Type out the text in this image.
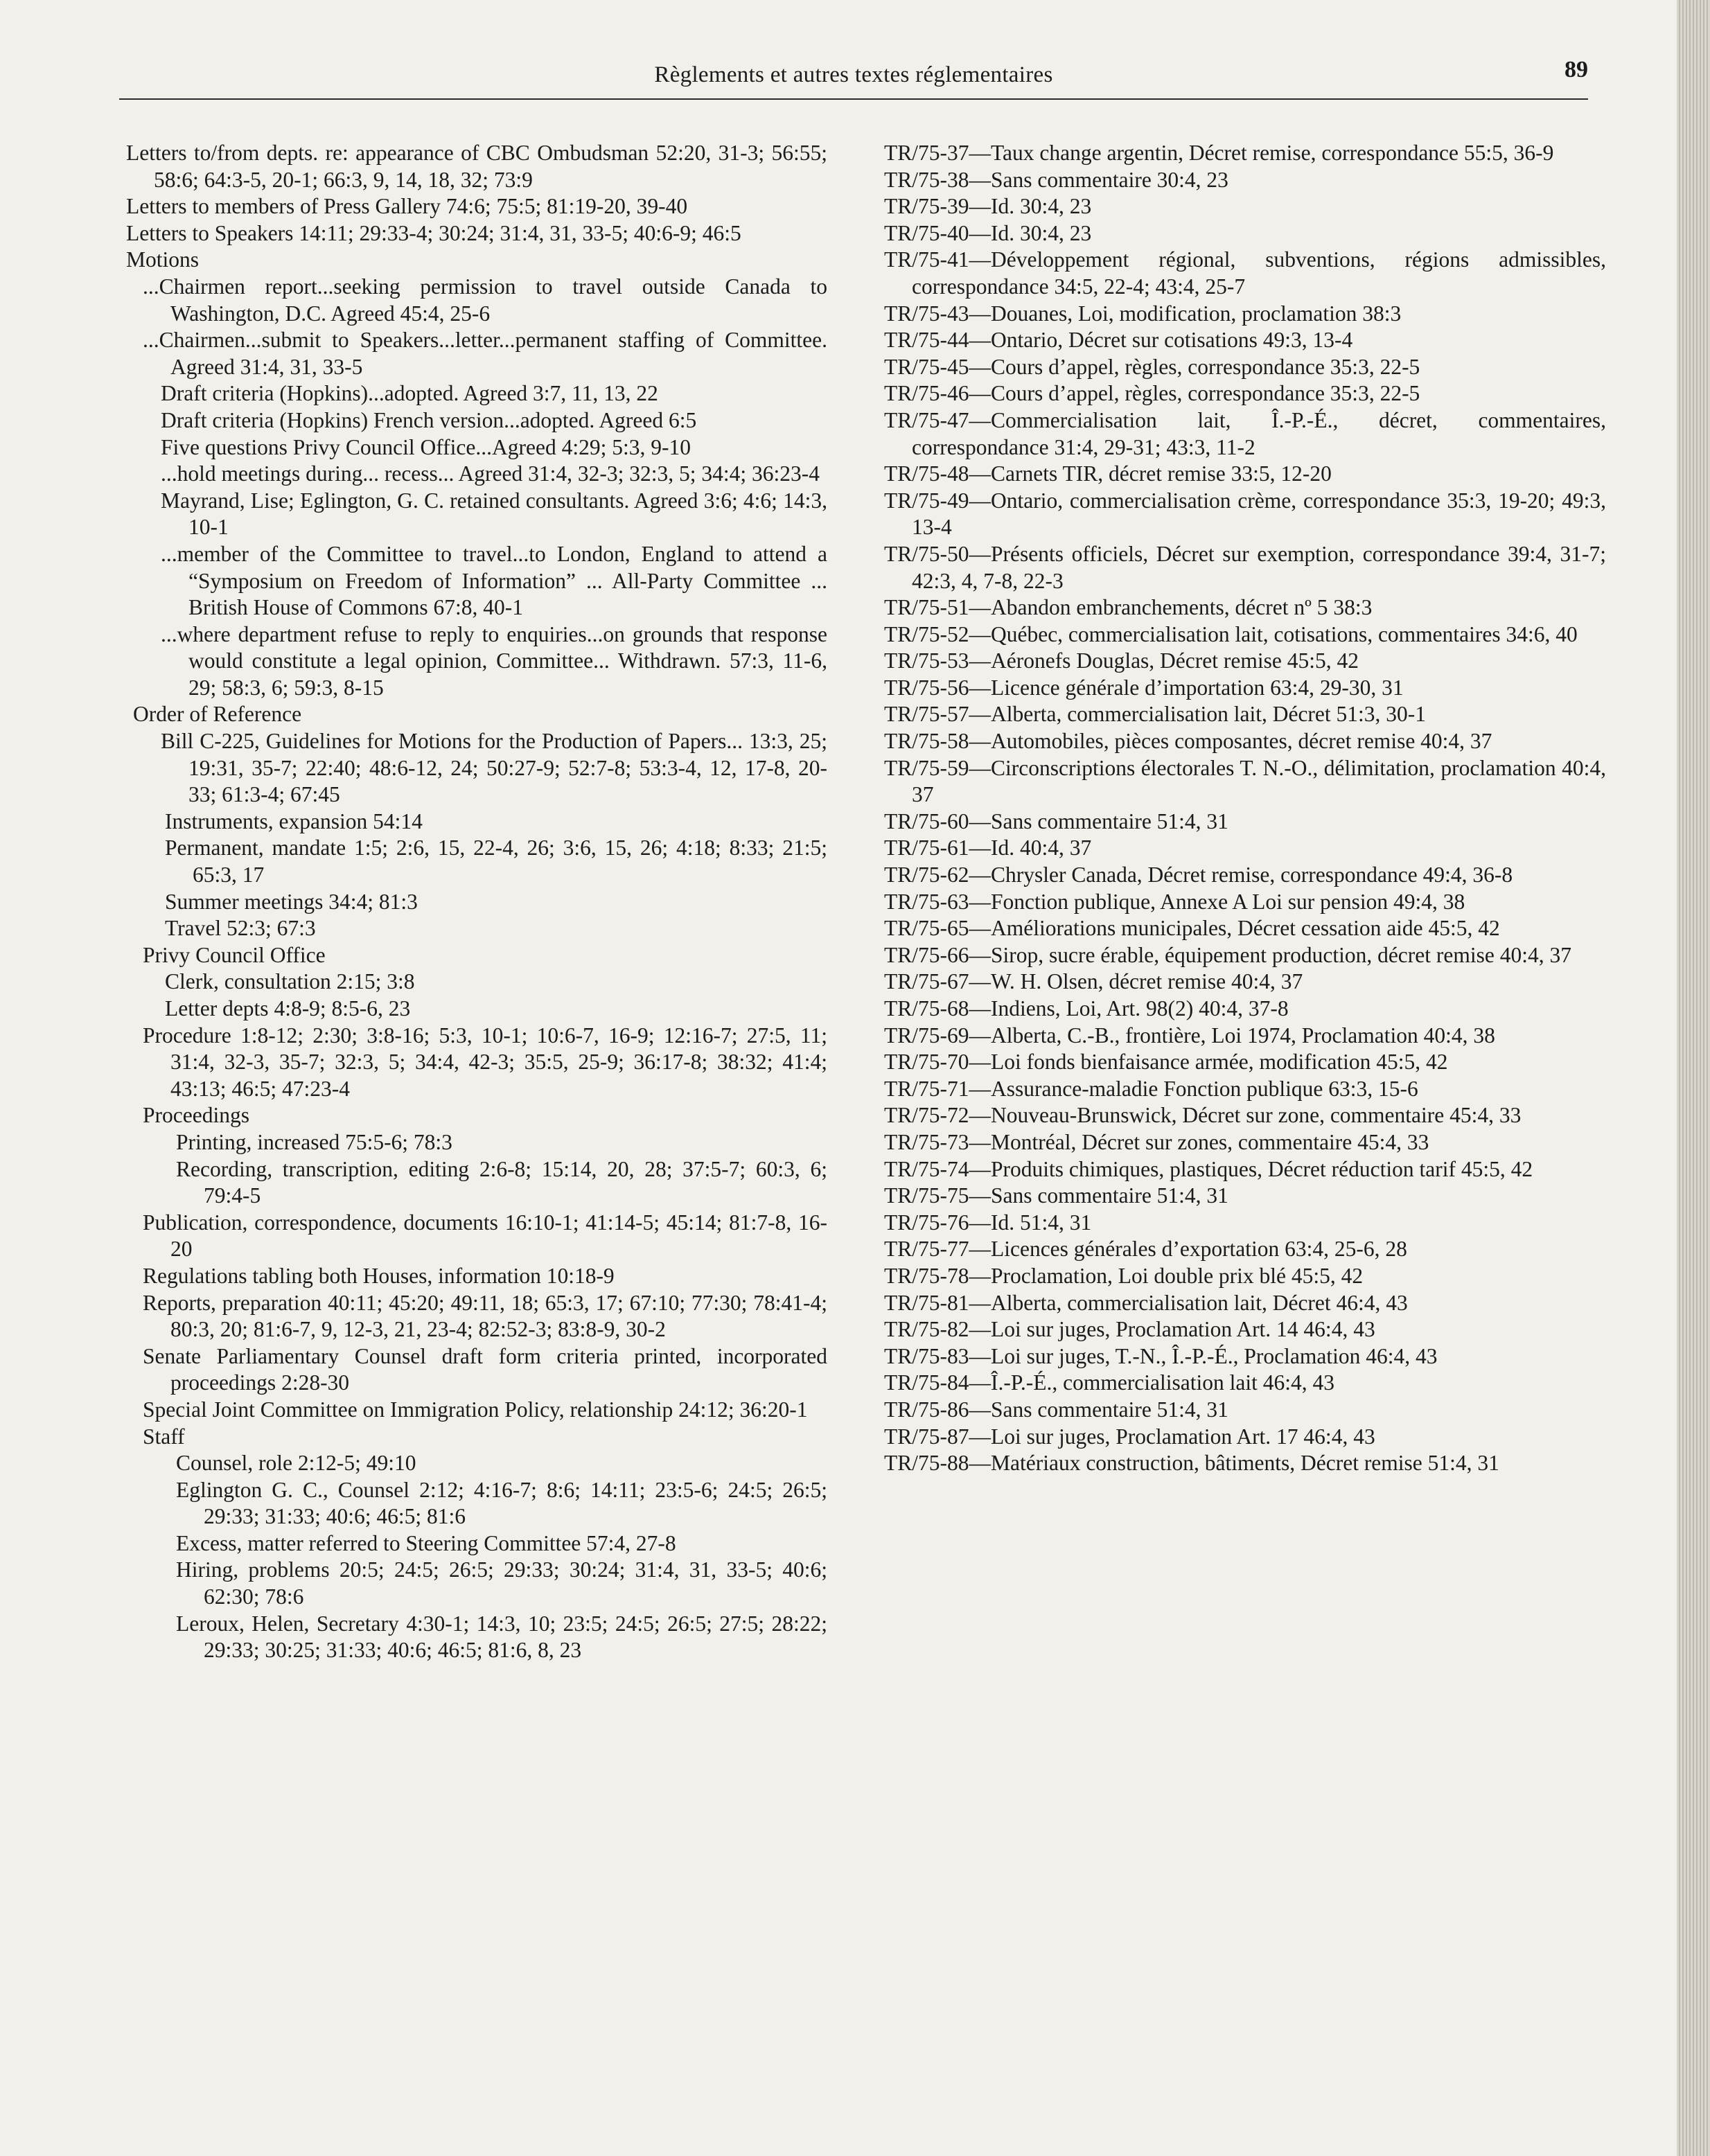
Règlements et autres textes réglementaires	89
Letters to/from depts. re: appearance of CBC Ombudsman 52:20, 31-3; 56:55; 58:6; 64:3-5, 20-1; 66:3, 9, 14, 18, 32; 73:9
Letters to members of Press Gallery 74:6; 75:5; 81:19-20, 39-40
Letters to Speakers 14:11; 29:33-4; 30:24; 31:4, 31, 33-5; 40:6-9; 46:5
Motions
...Chairmen report...seeking permission to travel outside Canada to Washington, D.C. Agreed 45:4, 25-6
...Chairmen...submit to Speakers...letter...permanent staffing of Committee. Agreed 31:4, 31, 33-5
Draft criteria (Hopkins)...adopted. Agreed 3:7, 11, 13, 22
Draft criteria (Hopkins) French version...adopted. Agreed 6:5
Five questions Privy Council Office...Agreed 4:29; 5:3, 9-10
...hold meetings during... recess... Agreed 31:4, 32-3; 32:3, 5; 34:4; 36:23-4
Mayrand, Lise; Eglington, G. C. retained consultants. Agreed 3:6; 4:6; 14:3, 10-1
...member of the Committee to travel...to London, England to attend a “Symposium on Freedom of Information” ... All-Party Committee ... British House of Commons 67:8, 40-1
...where department refuse to reply to enquiries...on grounds that response would constitute a legal opinion, Committee... Withdrawn. 57:3, 11-6, 29; 58:3, 6; 59:3, 8-15
Order of Reference
Bill C-225, Guidelines for Motions for the Production of Papers... 13:3, 25; 19:31, 35-7; 22:40; 48:6-12, 24; 50:27-9; 52:7-8; 53:3-4, 12, 17-8, 20-33; 61:3-4; 67:45
Instruments, expansion 54:14
Permanent, mandate 1:5; 2:6, 15, 22-4, 26; 3:6, 15, 26; 4:18; 8:33; 21:5; 65:3, 17
Summer meetings 34:4; 81:3
Travel 52:3; 67:3
Privy Council Office
Clerk, consultation 2:15; 3:8
Letter depts 4:8-9; 8:5-6, 23
Procedure 1:8-12; 2:30; 3:8-16; 5:3, 10-1; 10:6-7, 16-9; 12:16-7; 27:5, 11; 31:4, 32-3, 35-7; 32:3, 5; 34:4, 42-3; 35:5, 25-9; 36:17-8; 38:32; 41:4; 43:13; 46:5; 47:23-4
Proceedings
Printing, increased 75:5-6; 78:3
Recording, transcription, editing 2:6-8; 15:14, 20, 28; 37:5-7; 60:3, 6; 79:4-5
Publication, correspondence, documents 16:10-1; 41:14-5; 45:14; 81:7-8, 16-20
Regulations tabling both Houses, information 10:18-9
Reports, preparation 40:11; 45:20; 49:11, 18; 65:3, 17; 67:10; 77:30; 78:41-4; 80:3, 20; 81:6-7, 9, 12-3, 21, 23-4; 82:52-3; 83:8-9, 30-2
Senate Parliamentary Counsel draft form criteria printed, incorporated proceedings 2:28-30
Special Joint Committee on Immigration Policy, relationship 24:12; 36:20-1
Staff
Counsel, role 2:12-5; 49:10
Eglington G. C., Counsel 2:12; 4:16-7; 8:6; 14:11; 23:5-6; 24:5; 26:5; 29:33; 31:33; 40:6; 46:5; 81:6
Excess, matter referred to Steering Committee 57:4, 27-8
Hiring, problems 20:5; 24:5; 26:5; 29:33; 30:24; 31:4, 31, 33-5; 40:6; 62:30; 78:6
Leroux, Helen, Secretary 4:30-1; 14:3, 10; 23:5; 24:5; 26:5; 27:5; 28:22; 29:33; 30:25; 31:33; 40:6; 46:5; 81:6, 8, 23
TR/75-37—Taux change argentin, Décret remise, correspondance 55:5, 36-9
TR/75-38—Sans commentaire 30:4, 23
TR/75-39—Id. 30:4, 23
TR/75-40—Id. 30:4, 23
TR/75-41—Développement régional, subventions, régions admissibles, correspondance 34:5, 22-4; 43:4, 25-7
TR/75-43—Douanes, Loi, modification, proclamation 38:3
TR/75-44—Ontario, Décret sur cotisations 49:3, 13-4
TR/75-45—Cours d’appel, règles, correspondance 35:3, 22-5
TR/75-46—Cours d’appel, règles, correspondance 35:3, 22-5
TR/75-47—Commercialisation lait, Î.-P.-É., décret, commentaires, correspondance 31:4, 29-31; 43:3, 11-2
TR/75-48—Carnets TIR, décret remise 33:5, 12-20
TR/75-49—Ontario, commercialisation crème, correspondance 35:3, 19-20; 49:3, 13-4
TR/75-50—Présents officiels, Décret sur exemption, correspondance 39:4, 31-7; 42:3, 4, 7-8, 22-3
TR/75-51—Abandon embranchements, décret nº 5 38:3
TR/75-52—Québec, commercialisation lait, cotisations, commentaires 34:6, 40
TR/75-53—Aéronefs Douglas, Décret remise 45:5, 42
TR/75-56—Licence générale d’importation 63:4, 29-30, 31
TR/75-57—Alberta, commercialisation lait, Décret 51:3, 30-1
TR/75-58—Automobiles, pièces composantes, décret remise 40:4, 37
TR/75-59—Circonscriptions électorales T. N.-O., délimitation, proclamation 40:4, 37
TR/75-60—Sans commentaire 51:4, 31
TR/75-61—Id. 40:4, 37
TR/75-62—Chrysler Canada, Décret remise, correspondance 49:4, 36-8
TR/75-63—Fonction publique, Annexe A Loi sur pension 49:4, 38
TR/75-65—Améliorations municipales, Décret cessation aide 45:5, 42
TR/75-66—Sirop, sucre érable, équipement production, décret remise 40:4, 37
TR/75-67—W. H. Olsen, décret remise 40:4, 37
TR/75-68—Indiens, Loi, Art. 98(2) 40:4, 37-8
TR/75-69—Alberta, C.-B., frontière, Loi 1974, Proclamation 40:4, 38
TR/75-70—Loi fonds bienfaisance armée, modification 45:5, 42
TR/75-71—Assurance-maladie Fonction publique 63:3, 15-6
TR/75-72—Nouveau-Brunswick, Décret sur zone, commentaire 45:4, 33
TR/75-73—Montréal, Décret sur zones, commentaire 45:4, 33
TR/75-74—Produits chimiques, plastiques, Décret réduction tarif 45:5, 42
TR/75-75—Sans commentaire 51:4, 31
TR/75-76—Id. 51:4, 31
TR/75-77—Licences générales d’exportation 63:4, 25-6, 28
TR/75-78—Proclamation, Loi double prix blé 45:5, 42
TR/75-81—Alberta, commercialisation lait, Décret 46:4, 43
TR/75-82—Loi sur juges, Proclamation Art. 14 46:4, 43
TR/75-83—Loi sur juges, T.-N., Î.-P.-É., Proclamation 46:4, 43
TR/75-84—Î.-P.-É., commercialisation lait 46:4, 43
TR/75-86—Sans commentaire 51:4, 31
TR/75-87—Loi sur juges, Proclamation Art. 17 46:4, 43
TR/75-88—Matériaux construction, bâtiments, Décret remise 51:4, 31
